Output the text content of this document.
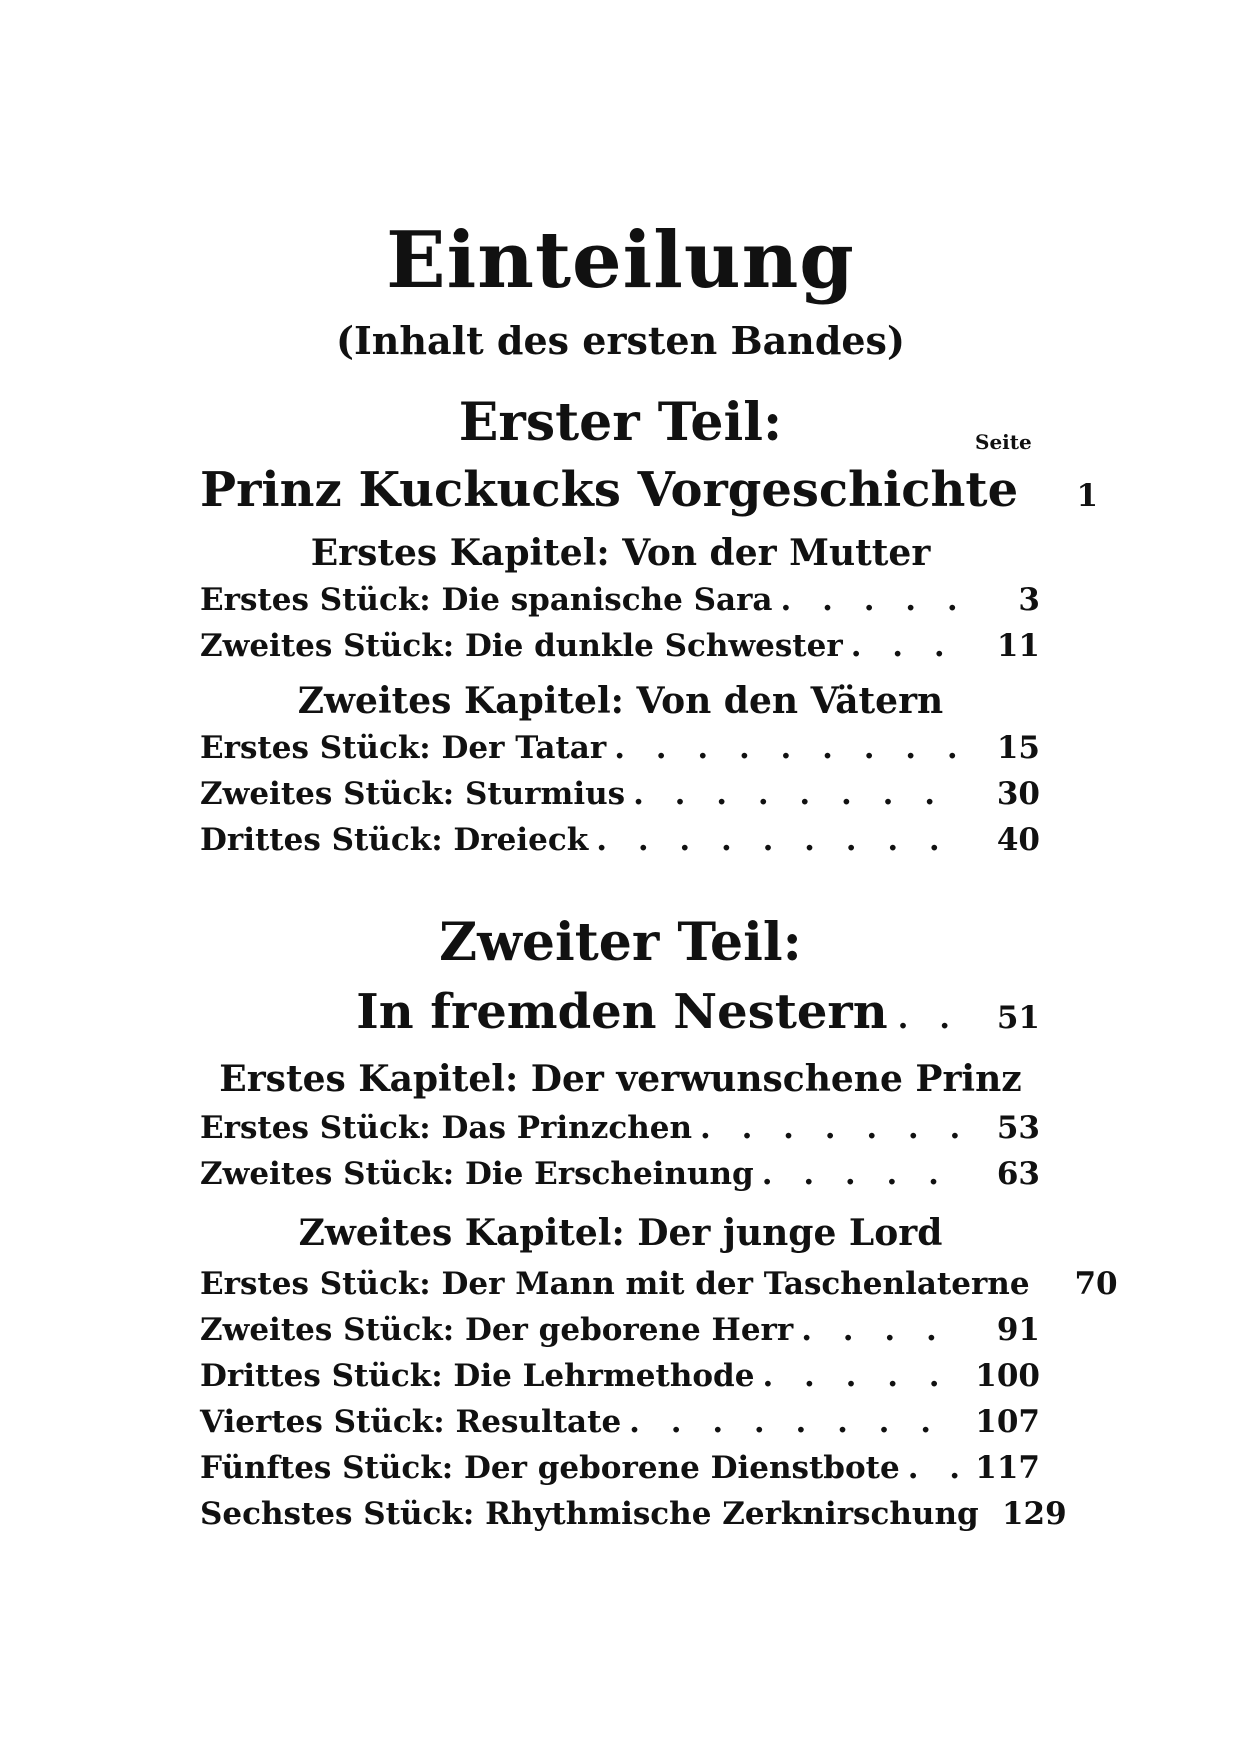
Einteilung
(Inhalt des ersten Bandes)
Erster Teil:	Seite
Prinz Kuckucks Vorgeschichte	1
Erstes Kapitel: Von der Mutter
Erstes Stück: Die spanische Sara . . .	3
Zweites Stück: Die dunkle Schwester . . .	11
Zweites Kapitel: Von den Vätern
Erstes Stück: Der Tatar . . .	15
Zweites Stück: Sturmius . . .	30
Drittes Stück: Dreieck . . .	40
Zweiter Teil:
In fremden Nestern . .	51
Erstes Kapitel: Der verwunschene Prinz
Erstes Stück: Das Prinzchen . . .	53
Zweites Stück: Die Erscheinung . . .	63
Zweites Kapitel: Der junge Lord
Erstes Stück: Der Mann mit der Taschenlaterne . . .	70
Zweites Stück: Der geborene Herr . . .	91
Drittes Stück: Die Lehrmethode . . .	100
Viertes Stück: Resultate . . .	107
Fünftes Stück: Der geborene Dienstbote . . .	117
Sechstes Stück: Rhythmische Zerknirschung . . . 129
